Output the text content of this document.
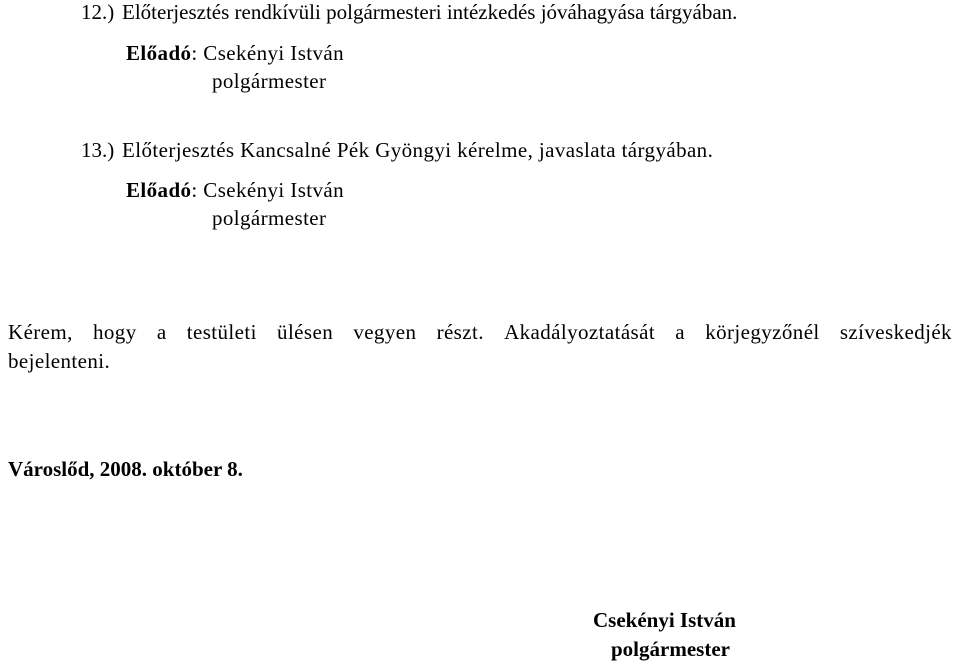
12.) Előterjesztés rendkívüli polgármesteri intézkedés jóváhagyása tárgyában.
Előadó: Csekényi István
polgármester
13.) Előterjesztés Kancsalné Pék Gyöngyi kérelme, javaslata tárgyában.
Előadó: Csekényi István
polgármester
Kérem, hogy a testületi ülésen vegyen részt. Akadályoztatását a körjegyzőnél szíveskedjék
bejelenteni.
Városlőd, 2008. október 8.
Csekényi István
polgármester
